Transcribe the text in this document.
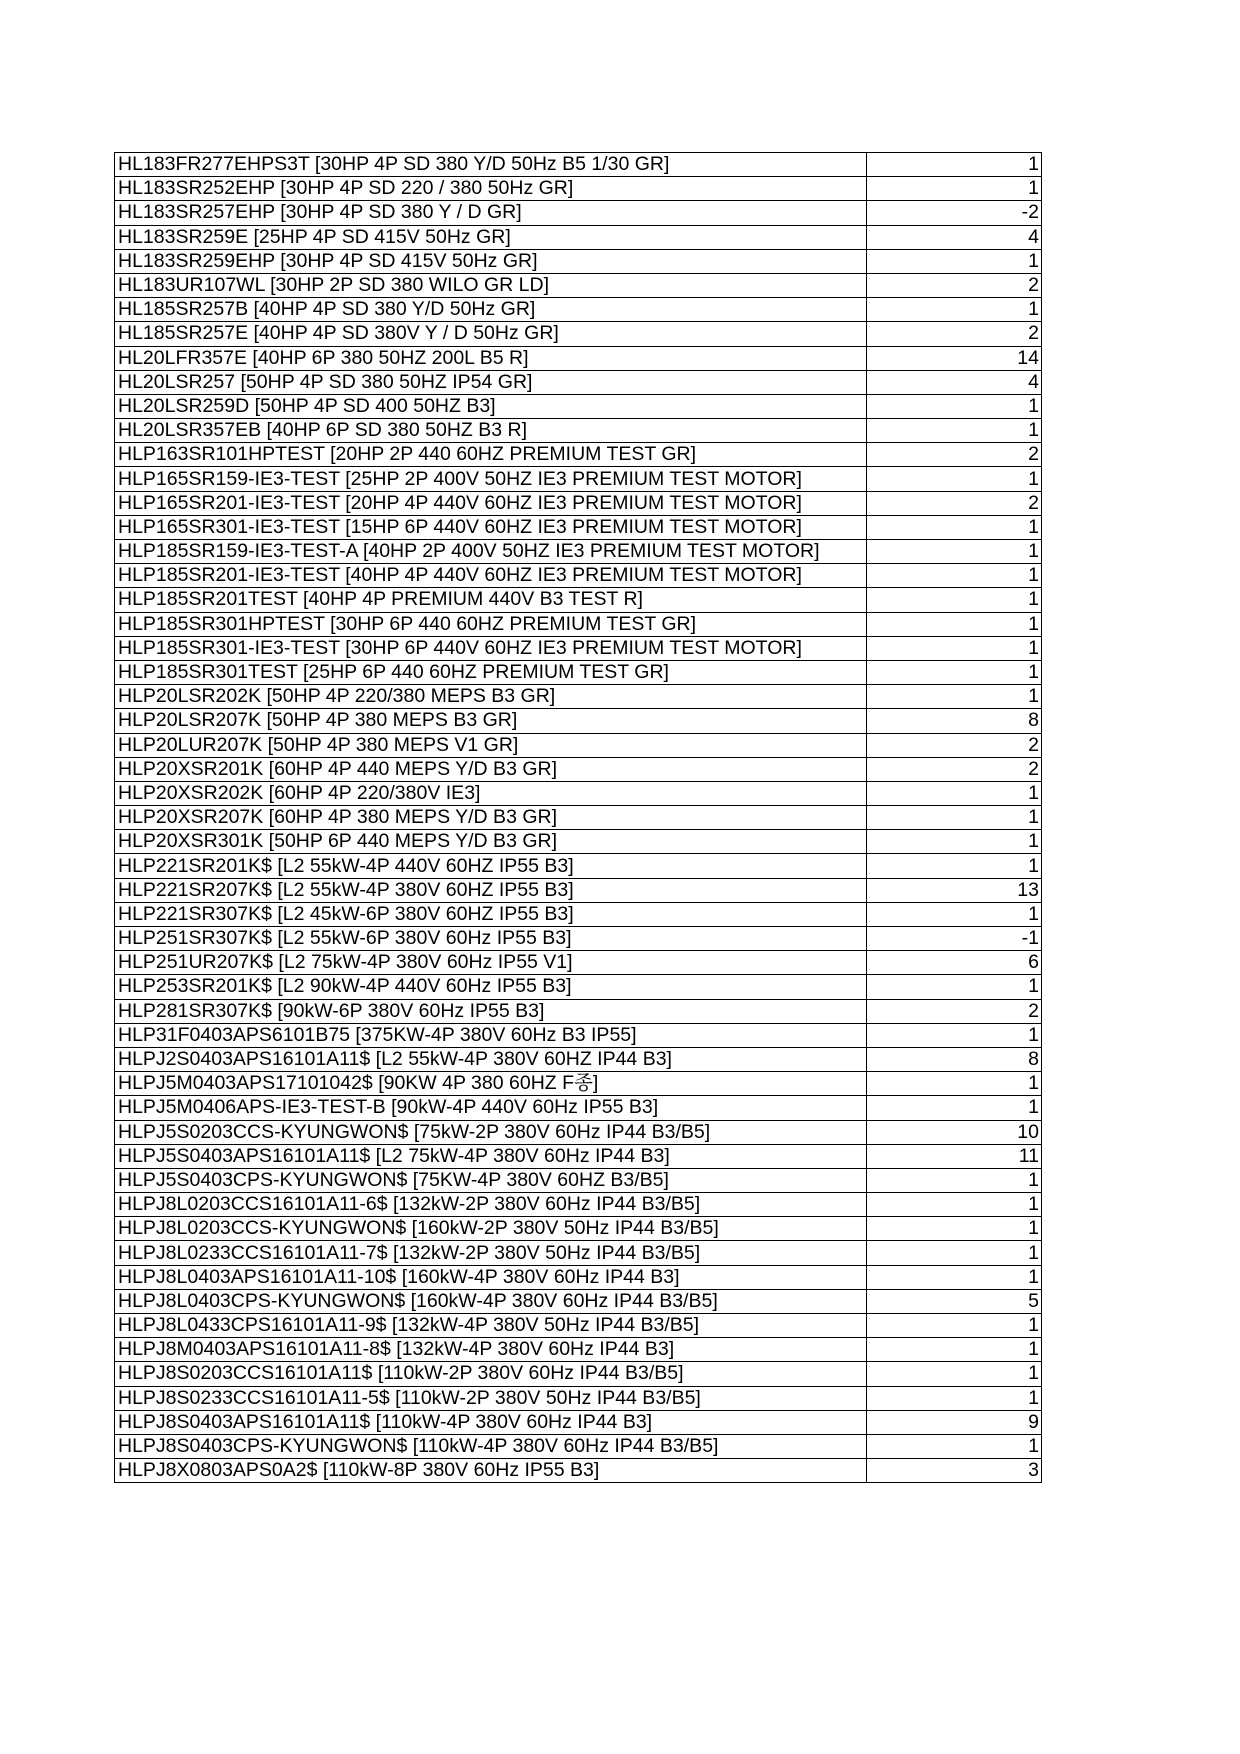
HL183FR277EHPS3T [30HP 4P SD 380 Y/D 50Hz B5 1/30 GR]	1
HL183SR252EHP [30HP 4P SD 220 / 380 50Hz GR]	1
HL183SR257EHP [30HP 4P SD 380 Y / D GR]	-2
HL183SR259E [25HP 4P SD 415V 50Hz GR]	4
HL183SR259EHP [30HP 4P SD 415V 50Hz GR]	1
HL183UR107WL [30HP 2P SD 380 WILO GR LD]	2
HL185SR257B [40HP 4P SD 380 Y/D 50Hz GR]	1
HL185SR257E [40HP 4P SD 380V Y / D 50Hz GR]	2
HL20LFR357E [40HP 6P 380 50HZ 200L B5 R]	14
HL20LSR257 [50HP 4P SD 380 50HZ IP54 GR]	4
HL20LSR259D [50HP 4P SD 400 50HZ B3]	1
HL20LSR357EB [40HP 6P SD 380 50HZ B3 R]	1
HLP163SR101HPTEST [20HP 2P 440 60HZ PREMIUM TEST GR]	2
HLP165SR159-IE3-TEST [25HP 2P 400V 50HZ IE3 PREMIUM TEST MOTOR]	1
HLP165SR201-IE3-TEST [20HP 4P 440V 60HZ IE3 PREMIUM TEST MOTOR]	2
HLP165SR301-IE3-TEST [15HP 6P 440V 60HZ IE3 PREMIUM TEST MOTOR]	1
HLP185SR159-IE3-TEST-A [40HP 2P 400V 50HZ IE3 PREMIUM TEST MOTOR]	1
HLP185SR201-IE3-TEST [40HP 4P 440V 60HZ IE3 PREMIUM TEST MOTOR]	1
HLP185SR201TEST [40HP 4P PREMIUM 440V B3 TEST R]	1
HLP185SR301HPTEST [30HP 6P 440 60HZ PREMIUM TEST GR]	1
HLP185SR301-IE3-TEST [30HP 6P 440V 60HZ IE3 PREMIUM TEST MOTOR]	1
HLP185SR301TEST [25HP 6P 440 60HZ PREMIUM TEST GR]	1
HLP20LSR202K [50HP 4P 220/380 MEPS B3 GR]	1
HLP20LSR207K [50HP 4P 380 MEPS B3 GR]	8
HLP20LUR207K [50HP 4P 380 MEPS V1 GR]	2
HLP20XSR201K [60HP 4P 440 MEPS Y/D B3 GR]	2
HLP20XSR202K [60HP 4P 220/380V IE3]	1
HLP20XSR207K [60HP 4P 380 MEPS Y/D B3 GR]	1
HLP20XSR301K [50HP 6P 440 MEPS Y/D B3 GR]	1
HLP221SR201K$ [L2 55kW-4P 440V 60HZ IP55 B3]	1
HLP221SR207K$ [L2 55kW-4P 380V 60HZ IP55 B3]	13
HLP221SR307K$ [L2 45kW-6P 380V 60HZ IP55 B3]	1
HLP251SR307K$ [L2 55kW-6P 380V 60Hz IP55 B3]	-1
HLP251UR207K$ [L2 75kW-4P 380V 60Hz IP55 V1]	6
HLP253SR201K$ [L2 90kW-4P 440V 60Hz IP55 B3]	1
HLP281SR307K$ [90kW-6P 380V 60Hz IP55 B3]	2
HLP31F0403APS6101B75 [375KW-4P 380V 60Hz B3 IP55]	1
HLPJ2S0403APS16101A11$ [L2 55kW-4P 380V 60HZ IP44 B3]	8
HLPJ5M0403APS17101042$ [90KW 4P 380 60HZ F종]	1
HLPJ5M0406APS-IE3-TEST-B [90kW-4P 440V 60Hz IP55 B3]	1
HLPJ5S0203CCS-KYUNGWON$ [75kW-2P 380V 60Hz IP44 B3/B5]	10
HLPJ5S0403APS16101A11$ [L2 75kW-4P 380V 60Hz IP44 B3]	11
HLPJ5S0403CPS-KYUNGWON$ [75KW-4P 380V 60HZ B3/B5]	1
HLPJ8L0203CCS16101A11-6$ [132kW-2P 380V 60Hz IP44 B3/B5]	1
HLPJ8L0203CCS-KYUNGWON$ [160kW-2P 380V 50Hz IP44 B3/B5]	1
HLPJ8L0233CCS16101A11-7$ [132kW-2P 380V 50Hz IP44 B3/B5]	1
HLPJ8L0403APS16101A11-10$ [160kW-4P 380V 60Hz IP44 B3]	1
HLPJ8L0403CPS-KYUNGWON$ [160kW-4P 380V 60Hz IP44 B3/B5]	5
HLPJ8L0433CPS16101A11-9$ [132kW-4P 380V 50Hz IP44 B3/B5]	1
HLPJ8M0403APS16101A11-8$ [132kW-4P 380V 60Hz IP44 B3]	1
HLPJ8S0203CCS16101A11$ [110kW-2P 380V 60Hz IP44 B3/B5]	1
HLPJ8S0233CCS16101A11-5$ [110kW-2P 380V 50Hz IP44 B3/B5]	1
HLPJ8S0403APS16101A11$ [110kW-4P 380V 60Hz IP44 B3]	9
HLPJ8S0403CPS-KYUNGWON$ [110kW-4P 380V 60Hz IP44 B3/B5]	1
HLPJ8X0803APS0A2$ [110kW-8P 380V 60Hz IP55 B3]	3
